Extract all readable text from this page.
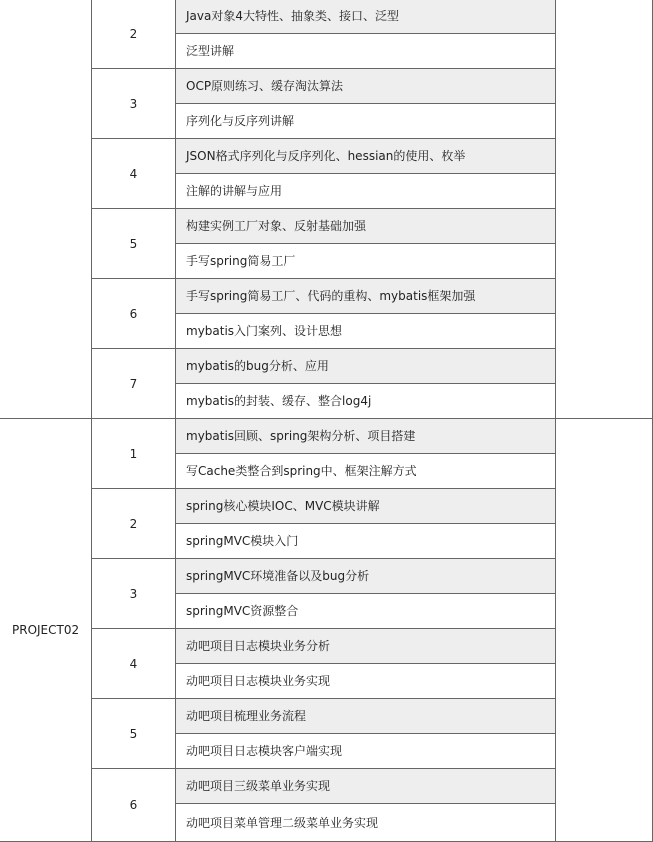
	2	Java对象4大特性、抽象类、接口、泛型	
		泛型讲解	
	3	OCP原则练习、缓存淘汰算法	
		序列化与反序列讲解	
	4	JSON格式序列化与反序列化、hessian的使用、枚举	
		注解的讲解与应用	
	5	构建实例工厂对象、反射基础加强	
		手写spring简易工厂	
	6	手写spring简易工厂、代码的重构、mybatis框架加强	
		mybatis入门案列、设计思想	
	7	mybatis的bug分析、应用	
		mybatis的封装、缓存、整合log4j	
PROJECT02	1	mybatis回顾、spring架构分析、项目搭建	
		写Cache类整合到spring中、框架注解方式	
	2	spring核心模块IOC、MVC模块讲解	
		springMVC模块入门	
	3	springMVC环境准备以及bug分析	
		springMVC资源整合	
	4	动吧项目日志模块业务分析	
		动吧项目日志模块业务实现	
	5	动吧项目梳理业务流程	
		动吧项目日志模块客户端实现	
	6	动吧项目三级菜单业务实现	
		动吧项目菜单管理二级菜单业务实现	
